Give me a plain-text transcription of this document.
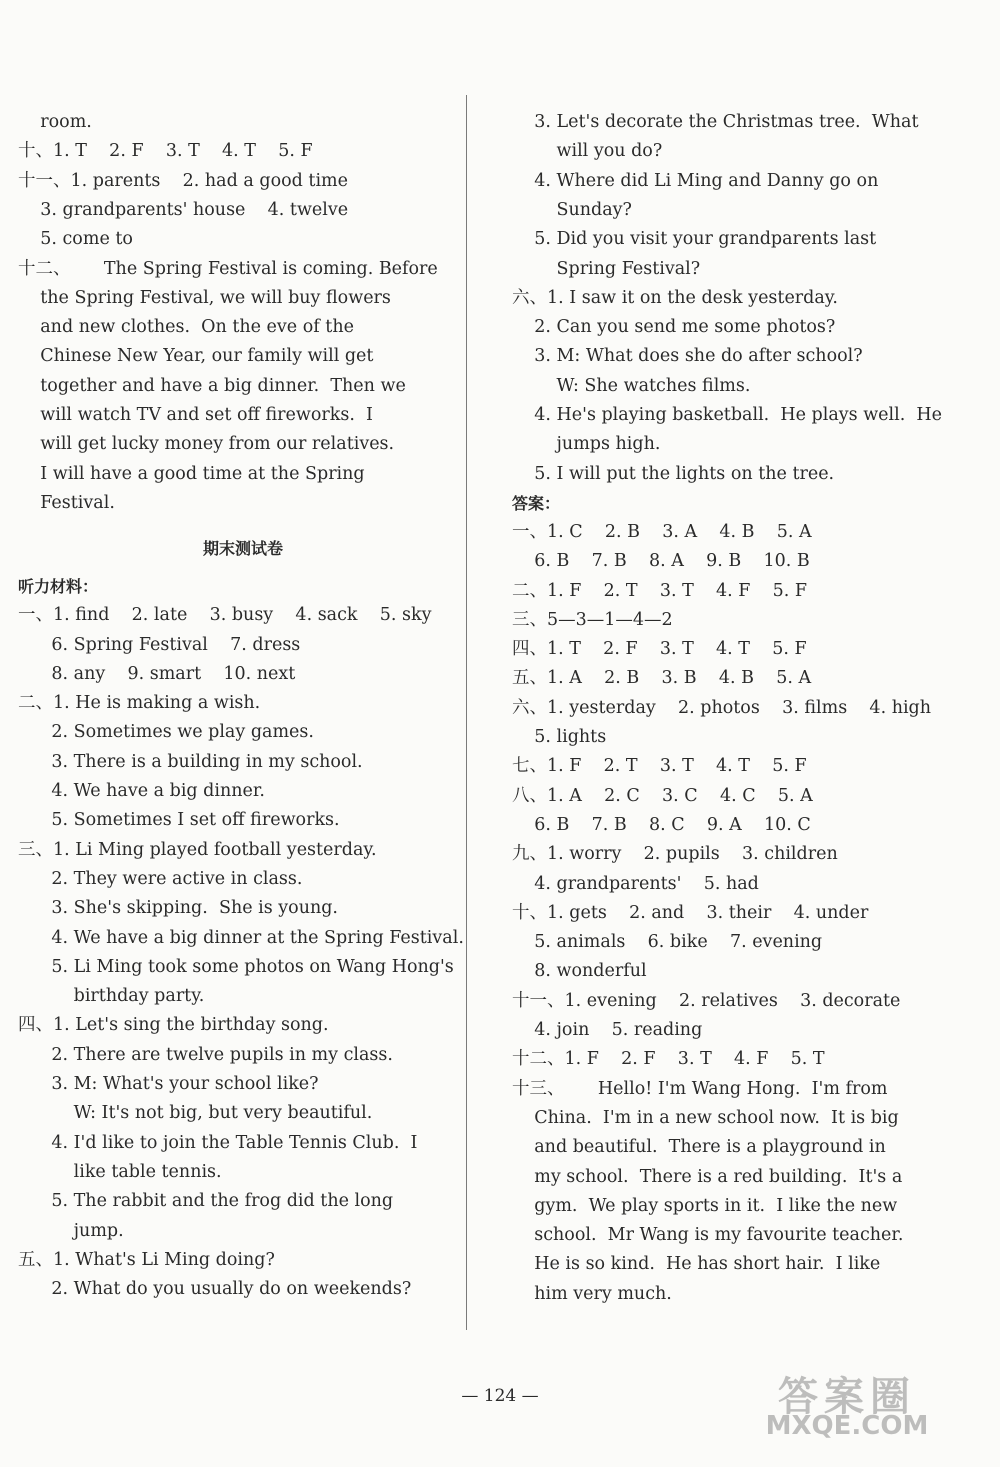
room.
十、1. T    2. F    3. T    4. T    5. F
十一、1. parents    2. had a good time
3. grandparents' house    4. twelve
5. come to
十二、      The Spring Festival is coming. Before
the Spring Festival, we will buy flowers
and new clothes.  On the eve of the
Chinese New Year, our family will get
together and have a big dinner.  Then we
will watch TV and set off fireworks.  I
will get lucky money from our relatives.
I will have a good time at the Spring
Festival.
期末测试卷
听力材料：
一、1. find    2. late    3. busy    4. sack    5. sky
6. Spring Festival    7. dress
8. any    9. smart    10. next
二、1. He is making a wish.
2. Sometimes we play games.
3. There is a building in my school.
4. We have a big dinner.
5. Sometimes I set off fireworks.
三、1. Li Ming played football yesterday.
2. They were active in class.
3. She's skipping.  She is young.
4. We have a big dinner at the Spring Festival.
5. Li Ming took some photos on Wang Hong's
birthday party.
四、1. Let's sing the birthday song.
2. There are twelve pupils in my class.
3. M: What's your school like?
W: It's not big, but very beautiful.
4. I'd like to join the Table Tennis Club.  I
like table tennis.
5. The rabbit and the frog did the long
jump.
五、1. What's Li Ming doing?
2. What do you usually do on weekends?
3. Let's decorate the Christmas tree.  What
will you do?
4. Where did Li Ming and Danny go on
Sunday?
5. Did you visit your grandparents last
Spring Festival?
六、1. I saw it on the desk yesterday.
2. Can you send me some photos?
3. M: What does she do after school?
W: She watches films.
4. He's playing basketball.  He plays well.  He
jumps high.
5. I will put the lights on the tree.
答案：
一、1. C    2. B    3. A    4. B    5. A
6. B    7. B    8. A    9. B    10. B
二、1. F    2. T    3. T    4. F    5. F
三、5—3—1—4—2
四、1. T    2. F    3. T    4. T    5. F
五、1. A    2. B    3. B    4. B    5. A
六、1. yesterday    2. photos    3. films    4. high
5. lights
七、1. F    2. T    3. T    4. T    5. F
八、1. A    2. C    3. C    4. C    5. A
6. B    7. B    8. C    9. A    10. C
九、1. worry    2. pupils    3. children
4. grandparents'    5. had
十、1. gets    2. and    3. their    4. under
5. animals    6. bike    7. evening
8. wonderful
十一、1. evening    2. relatives    3. decorate
4. join    5. reading
十二、1. F    2. F    3. T    4. F    5. T
十三、      Hello! I'm Wang Hong.  I'm from
China.  I'm in a new school now.  It is big
and beautiful.  There is a playground in
my school.  There is a red building.  It's a
gym.  We play sports in it.  I like the new
school.  Mr Wang is my favourite teacher.
He is so kind.  He has short hair.  I like
him very much.
— 124 —	答案圈
MXQE.COM
